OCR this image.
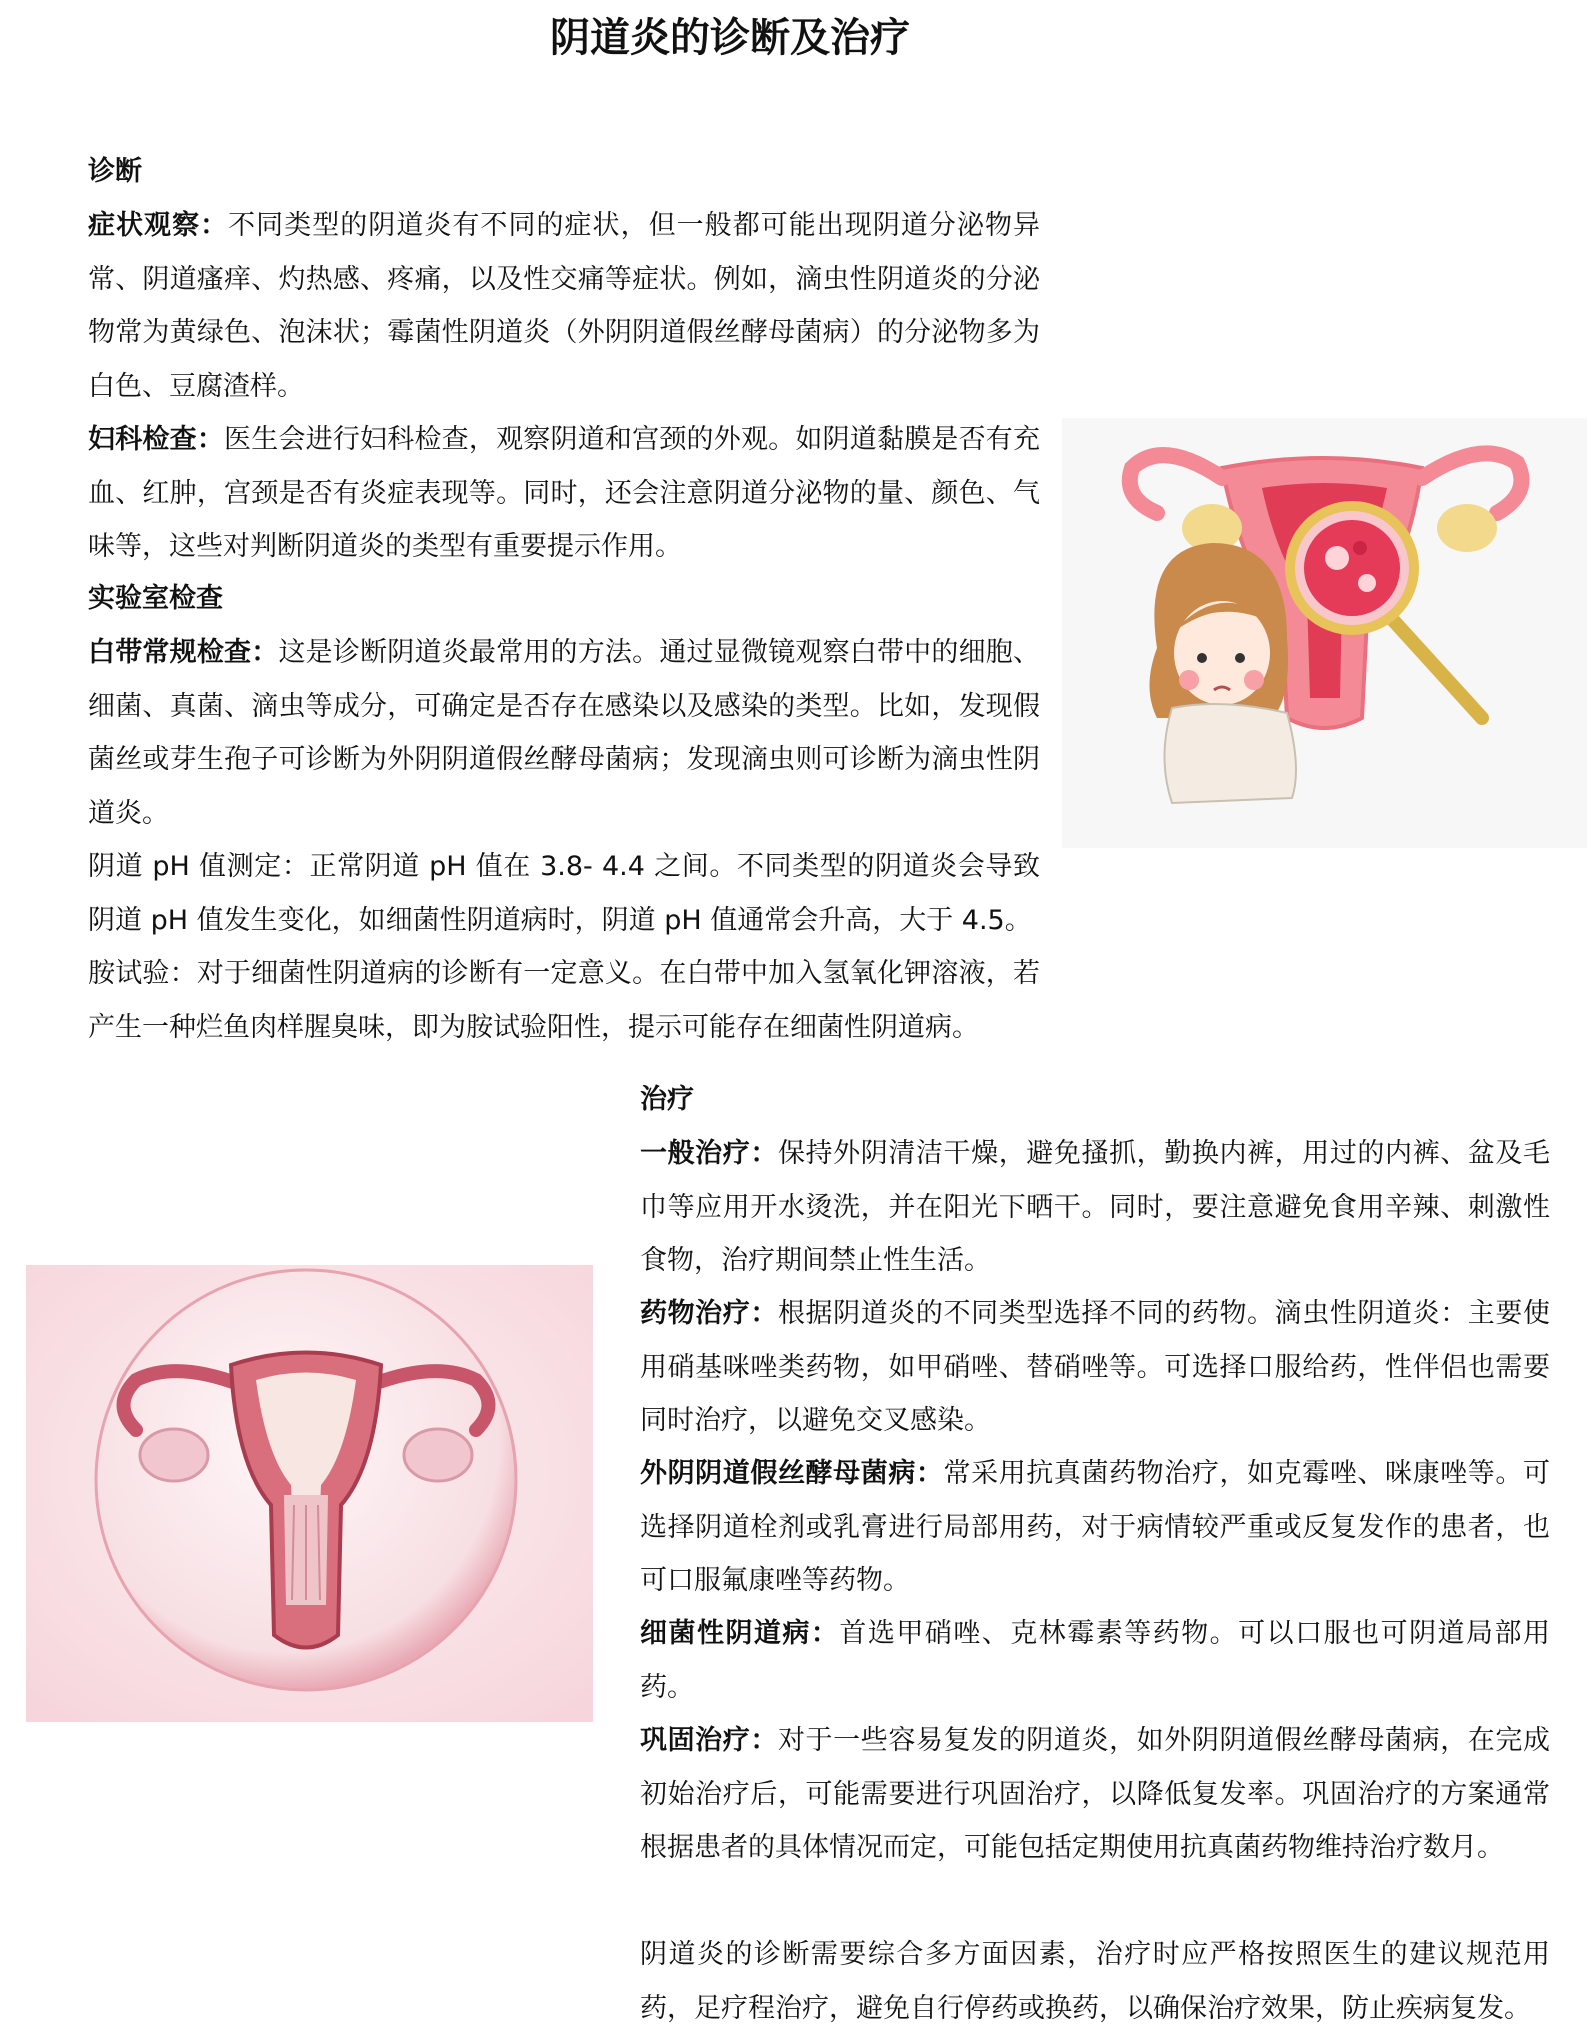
阴道炎的诊断及治疗

诊断

症状观察：不同类型的阴道炎有不同的症状，但一般都可能出现阴道分泌物异常、阴道瘙痒、灼热感、疼痛，以及性交痛等症状。例如，滴虫性阴道炎的分泌物常为黄绿色、泡沫状；霉菌性阴道炎（外阴阴道假丝酵母菌病）的分泌物多为白色、豆腐渣样。

妇科检查：医生会进行妇科检查，观察阴道和宫颈的外观。如阴道黏膜是否有充血、红肿，宫颈是否有炎症表现等。同时，还会注意阴道分泌物的量、颜色、气味等，这些对判断阴道炎的类型有重要提示作用。

实验室检查

白带常规检查：这是诊断阴道炎最常用的方法。通过显微镜观察白带中的细胞、细菌、真菌、滴虫等成分，可确定是否存在感染以及感染的类型。比如，发现假菌丝或芽生孢子可诊断为外阴阴道假丝酵母菌病；发现滴虫则可诊断为滴虫性阴道炎。

阴道 pH 值测定：正常阴道 pH 值在 3.8- 4.4 之间。不同类型的阴道炎会导致阴道 pH 值发生变化，如细菌性阴道病时，阴道 pH 值通常会升高，大于 4.5。

胺试验：对于细菌性阴道病的诊断有一定意义。在白带中加入氢氧化钾溶液，若产生一种烂鱼肉样腥臭味，即为胺试验阳性，提示可能存在细菌性阴道病。

治疗

一般治疗：保持外阴清洁干燥，避免搔抓，勤换内裤，用过的内裤、盆及毛巾等应用开水烫洗，并在阳光下晒干。同时，要注意避免食用辛辣、刺激性食物，治疗期间禁止性生活。

药物治疗：根据阴道炎的不同类型选择不同的药物。滴虫性阴道炎：主要使用硝基咪唑类药物，如甲硝唑、替硝唑等。可选择口服给药，性伴侣也需要同时治疗，以避免交叉感染。

外阴阴道假丝酵母菌病：常采用抗真菌药物治疗，如克霉唑、咪康唑等。可选择阴道栓剂或乳膏进行局部用药，对于病情较严重或反复发作的患者，也可口服氟康唑等药物。

细菌性阴道病：首选甲硝唑、克林霉素等药物。可以口服也可阴道局部用药。

巩固治疗：对于一些容易复发的阴道炎，如外阴阴道假丝酵母菌病，在完成初始治疗后，可能需要进行巩固治疗，以降低复发率。巩固治疗的方案通常根据患者的具体情况而定，可能包括定期使用抗真菌药物维持治疗数月。

阴道炎的诊断需要综合多方面因素，治疗时应严格按照医生的建议规范用药，足疗程治疗，避免自行停药或换药，以确保治疗效果，防止疾病复发。
